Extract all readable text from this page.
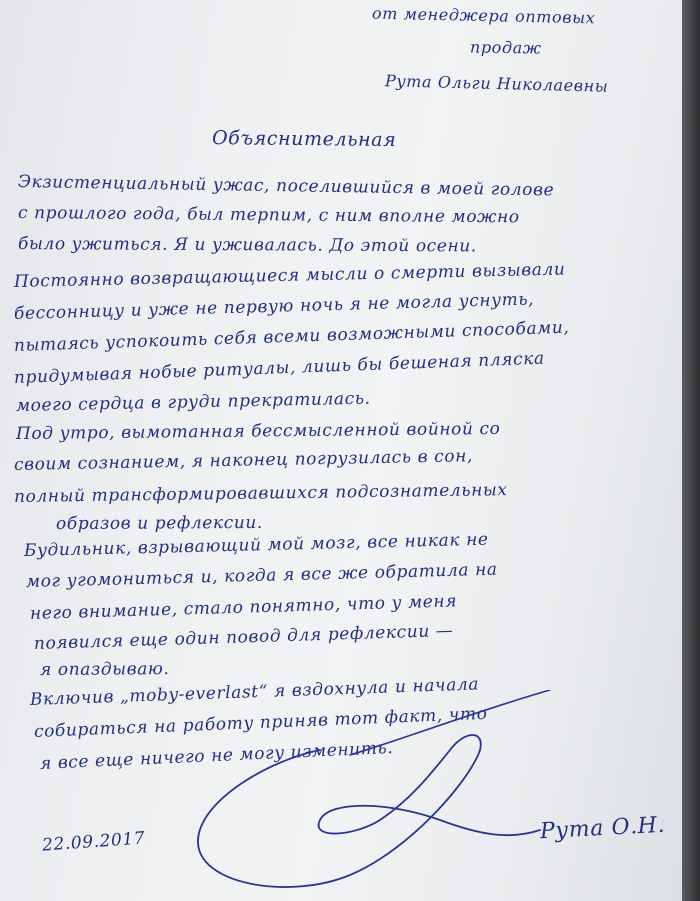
от менеджера оптовых
продаж
Рута Ольги Николаевны
Объяснительная
Экзистенциальный ужас, поселившийся в моей голове
с прошлого года, был терпим, с ним вполне можно
было ужиться. Я и уживалась. До этой осени.
Постоянно возвращающиеся мысли о смерти вызывали
бессонницу и уже не первую ночь я не могла уснуть,
пытаясь успокоить себя всеми возможными способами,
придумывая нобые ритуалы, лишь бы бешеная пляска
моего сердца в груди прекратилась.
Под утро, вымотанная бессмысленной войной со
своим сознанием, я наконец погрузилась в сон,
полный трансформировавшихся подсознательных
образов и рефлексии.
Будильник, взрывающий мой мозг, все никак не
мог угомониться и, когда я все же обратила на
него внимание, стало понятно, что у меня
появился еще один повод для рефлексии —
я опаздываю.
Включив „moby-everlast“ я вздохнула и начала
собираться на работу приняв тот факт, что
я все еще ничего не могу изменить.
22.09.2017	Рута О.Н.
